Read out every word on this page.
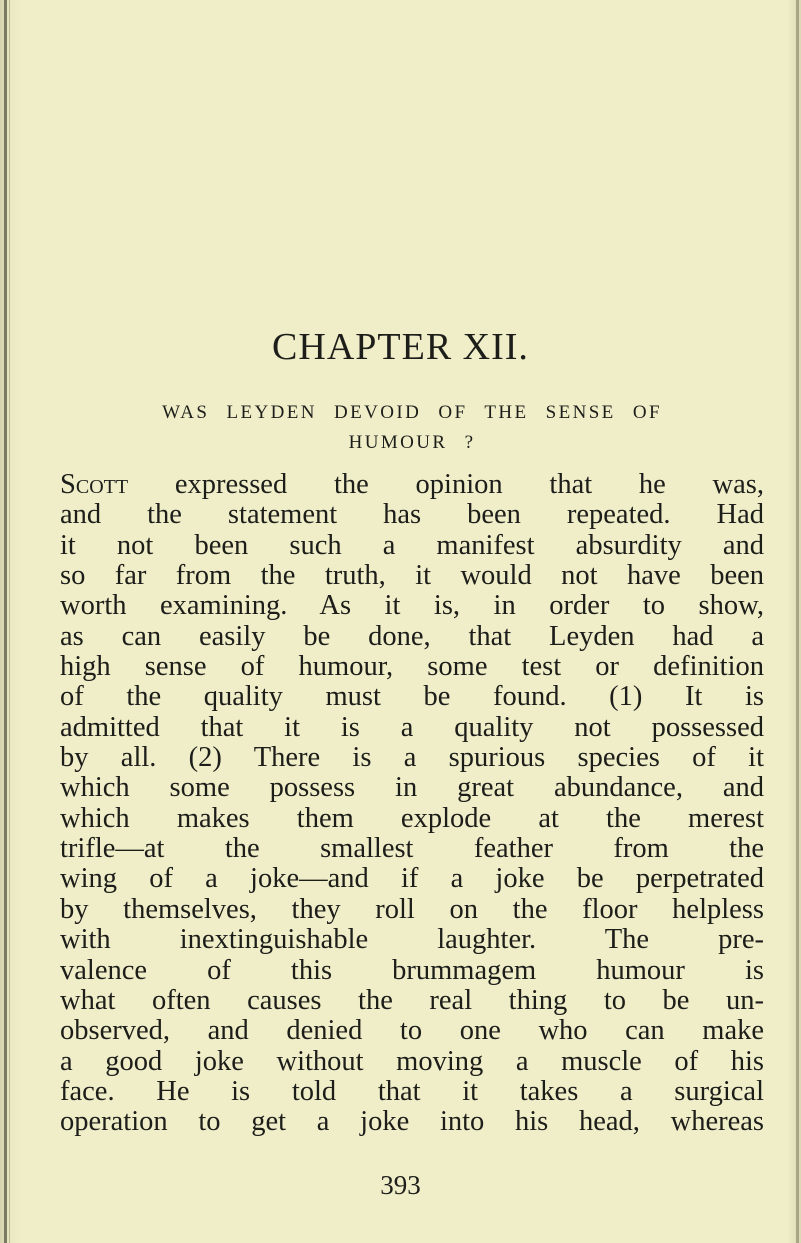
CHAPTER XII.
WAS LEYDEN DEVOID OF THE SENSE OF
HUMOUR ?
Scott expressed the opinion that he was,
and the statement has been repeated. Had
it not been such a manifest absurdity and
so far from the truth, it would not have been
worth examining. As it is, in order to show,
as can easily be done, that Leyden had a
high sense of humour, some test or definition
of the quality must be found. (1) It is
admitted that it is a quality not possessed
by all. (2) There is a spurious species of it
which some possess in great abundance, and
which makes them explode at the merest
trifle—at the smallest feather from the
wing of a joke—and if a joke be perpetrated
by themselves, they roll on the floor helpless
with inextinguishable laughter. The pre-
valence of this brummagem humour is
what often causes the real thing to be un-
observed, and denied to one who can make
a good joke without moving a muscle of his
face. He is told that it takes a surgical
operation to get a joke into his head, whereas
393
